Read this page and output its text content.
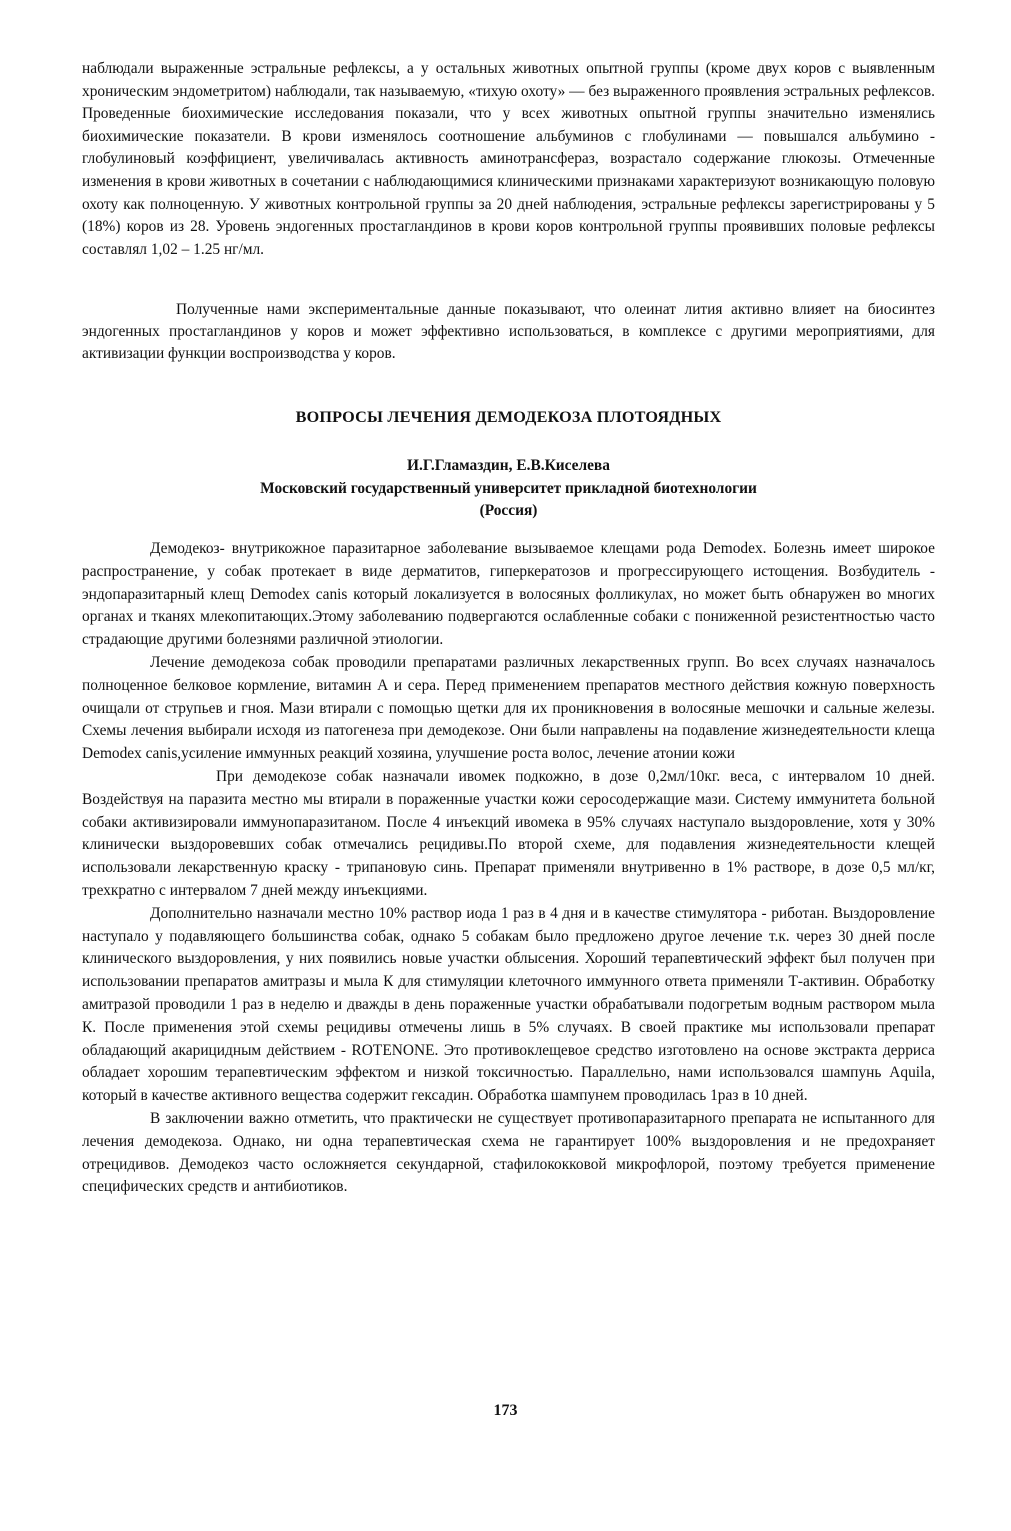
наблюдали выраженные эстральные рефлексы, а у остальных животных опытной группы (кроме двух коров с выявленным хроническим эндометритом) наблюдали, так называемую, «тихую охоту» — без выраженного проявления эстральных рефлексов. Проведенные биохимические исследования показали, что у всех животных опытной группы значительно изменялись биохимические показатели. В крови изменялось соотношение альбуминов с глобулинами — повышался альбумино - глобулиновый коэффициент, увеличивалась активность аминотрансфераз, возрастало содержание глюкозы. Отмеченные изменения в крови животных в сочетании с наблюдающимися клиническими признаками характеризуют возникающую половую охоту как полноценную. У животных контрольной группы за 20 дней наблюдения, эстральные рефлексы зарегистрированы у 5 (18%) коров из 28. Уровень эндогенных простагландинов в крови коров контрольной группы проявивших половые рефлексы составлял 1,02 – 1.25 нг/мл.

Полученные нами экспериментальные данные показывают, что олеинат лития активно влияет на биосинтез эндогенных простагландинов у коров и может эффективно использоваться, в комплексе с другими мероприятиями, для активизации функции воспроизводства у коров.

ВОПРОСЫ ЛЕЧЕНИЯ ДЕМОДЕКОЗА ПЛОТОЯДНЫХ
И.Г.Гламаздин, Е.В.Киселева
Московский государственный университет прикладной биотехнологии
(Россия)

Демодекоз- внутрикожное паразитарное заболевание вызываемое клещами рода Demodex. Болезнь имеет широкое распространение, у собак протекает в виде дерматитов, гиперкератозов и прогрессирующего истощения. Возбудитель - эндопаразитарный клещ Demodex canis который локализуется в волосяных фолликулах, но может быть обнаружен во многих органах и тканях млекопитающих.Этому заболеванию подвергаются ослабленные собаки с пониженной резистентностью часто страдающие другими болезнями различной этиологии.

Лечение демодекоза собак проводили препаратами различных лекарственных групп. Во всех случаях назначалось полноценное белковое кормление, витамин А и сера. Перед применением препаратов местного действия кожную поверхность очищали от струпьев и гноя. Мази втирали с помощью щетки для их проникновения в волосяные мешочки и сальные железы. Схемы лечения выбирали исходя из патогенеза при демодекозе. Они были направлены на подавление жизнедеятельности клеща Demodex canis,усиление иммунных реакций хозяина, улучшение роста волос, лечение атонии кожи

При демодекозе собак назначали ивомек подкожно, в дозе 0,2мл/10кг. веса, с интервалом 10 дней. Воздействуя на паразита местно мы втирали в пораженные участки кожи серосодержащие мази. Систему иммунитета больной собаки активизировали иммунопаразитаном. После 4 инъекций ивомека в 95% случаях наступало выздоровление, хотя у 30% клинически выздоровевших собак отмечались рецидивы.По второй схеме, для подавления жизнедеятельности клещей использовали лекарственную краску - трипановую синь. Препарат применяли внутривенно в 1% растворе, в дозе 0,5 мл/кг, трехкратно с интервалом 7 дней между инъекциями.

Дополнительно назначали местно 10% раствор иода 1 раз в 4 дня и в качестве стимулятора - риботан. Выздоровление наступало у подавляющего большинства собак, однако 5 собакам было предложено другое лечение т.к. через 30 дней после клинического выздоровления, у них появились новые участки облысения. Хороший терапевтический эффект был получен при использовании препаратов амитразы и мыла К для стимуляции клеточного иммунного ответа применяли Т-активин. Обработку амитразой проводили 1 раз в неделю и дважды в день пораженные участки обрабатывали подогретым водным раствором мыла К. После применения этой схемы рецидивы отмечены лишь в 5% случаях. В своей практике мы использовали препарат обладающий акарицидным действием - ROTENONE. Это противоклещевое средство изготовлено на основе экстракта дерриса обладает хорошим терапевтическим эффектом и низкой токсичностью. Параллельно, нами использовался шампунь Aquila, который в качестве активного вещества содержит гексадин. Обработка шампунем проводилась 1раз в 10 дней.

В заключении важно отметить, что практически не существует противопаразитарного препарата не испытанного для лечения демодекоза. Однако, ни одна терапевтическая схема не гарантирует 100% выздоровления и не предохраняет отрецидивов. Демодекоз часто осложняется секундарной, стафилококковой микрофлорой, поэтому требуется применение специфических средств и антибиотиков.

173
